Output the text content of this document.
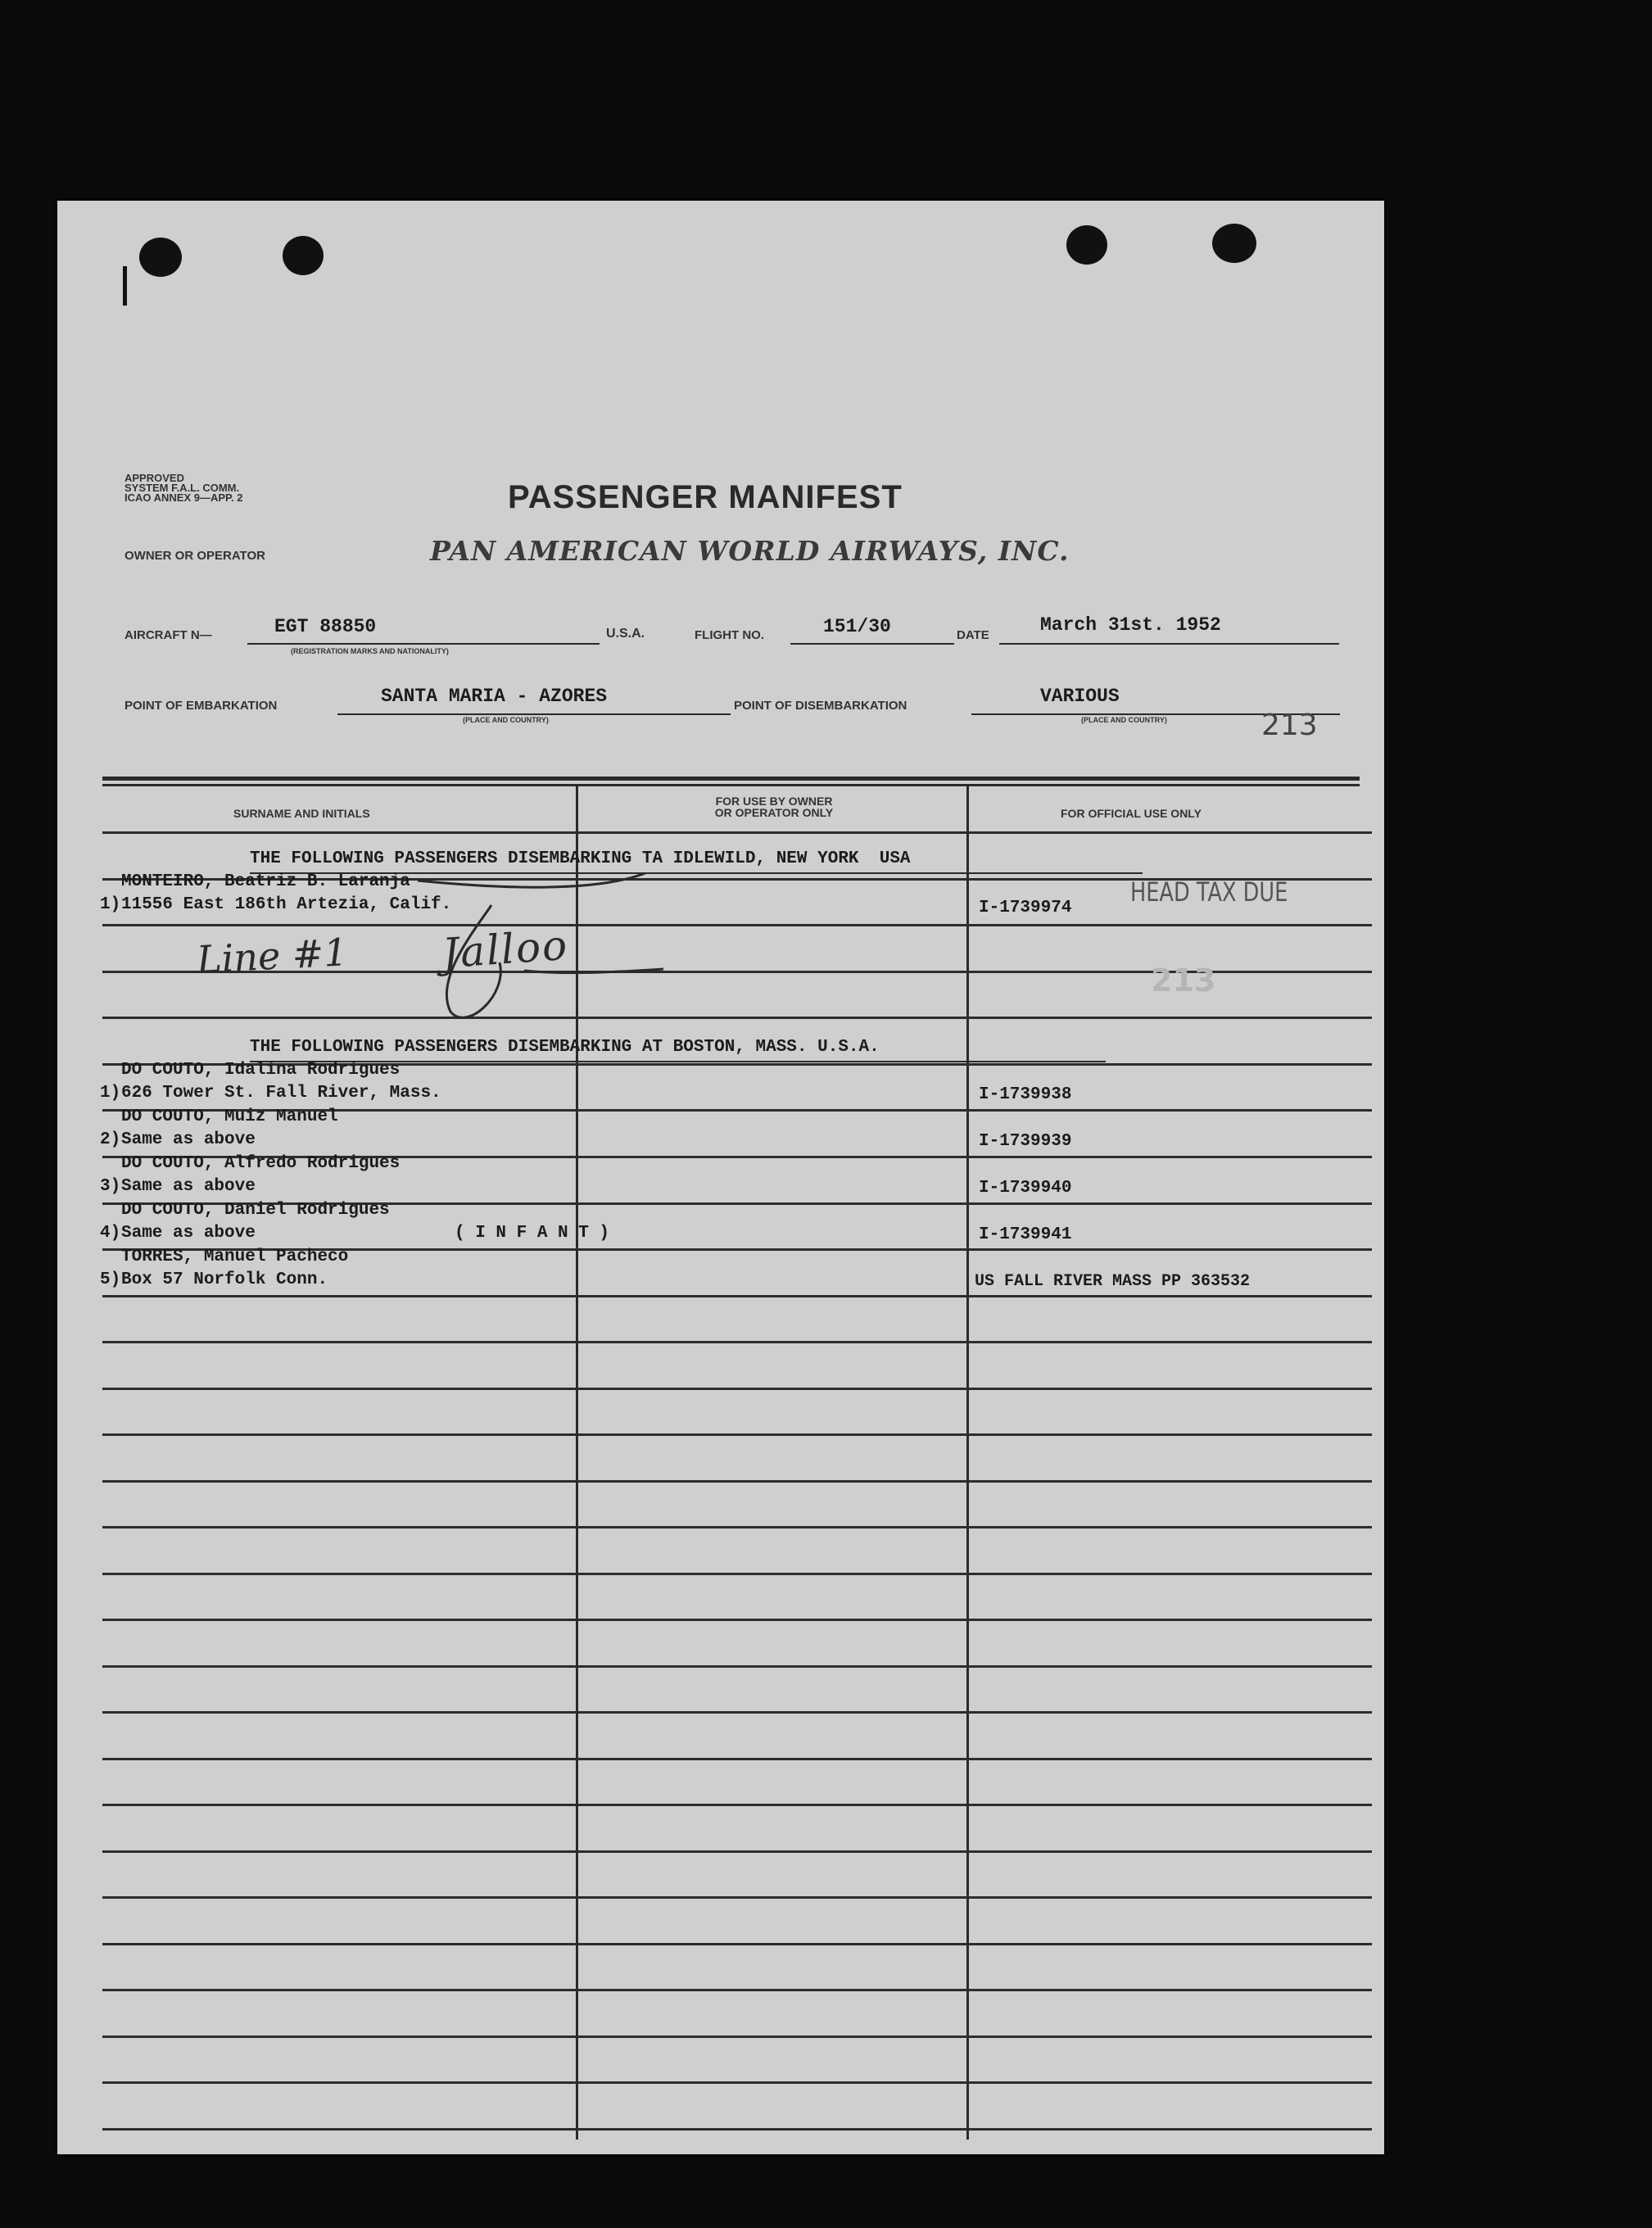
APPROVED
SYSTEM F.A.L. COMM.
ICAO ANNEX 9—APP. 2	PASSENGER MANIFEST
OWNER OR OPERATOR	PAN AMERICAN WORLD AIRWAYS, INC.
AIRCRAFT N—	EGT 88850
(REGISTRATION MARKS AND NATIONALITY)
U.S.A.	FLIGHT NO.	151/30	DATE	March 31st. 1952
POINT OF EMBARKATION	SANTA MARIA - AZORES
(PLACE AND COUNTRY)
POINT OF DISEMBARKATION	VARIOUS
(PLACE AND COUNTRY)	213
SURNAME AND INITIALS
FOR USE BY OWNER
OR OPERATOR ONLY	FOR OFFICIAL USE ONLY
THE FOLLOWING PASSENGERS DISEMBARKING TA IDLEWILD, NEW YORK  USA
THE FOLLOWING PASSENGERS DISEMBARKING AT BOSTON, MASS. U.S.A.
MONTEIRO, Beatriz B. Laranja
1) 11556 East 186th Artezia, Calif.	I-1739974
DO COUTO, Idalina Rodrigues
1) 626 Tower St. Fall River, Mass.	I-1739938
DO COUTO, Muiz Manuel
2) Same as above	I-1739939
DO COUTO, Alfredo Rodrigues
3) Same as above	I-1739940
DO COUTO, Daniel Rodrigues
4) Same as above	( I N F A N T )	I-1739941
TORRES, Manuel Pacheco
5) Box 57 Norfolk Conn.	US FALL RIVER MASS PP 363532
HEAD TAX DUE
213
Line #1 Jalloo
